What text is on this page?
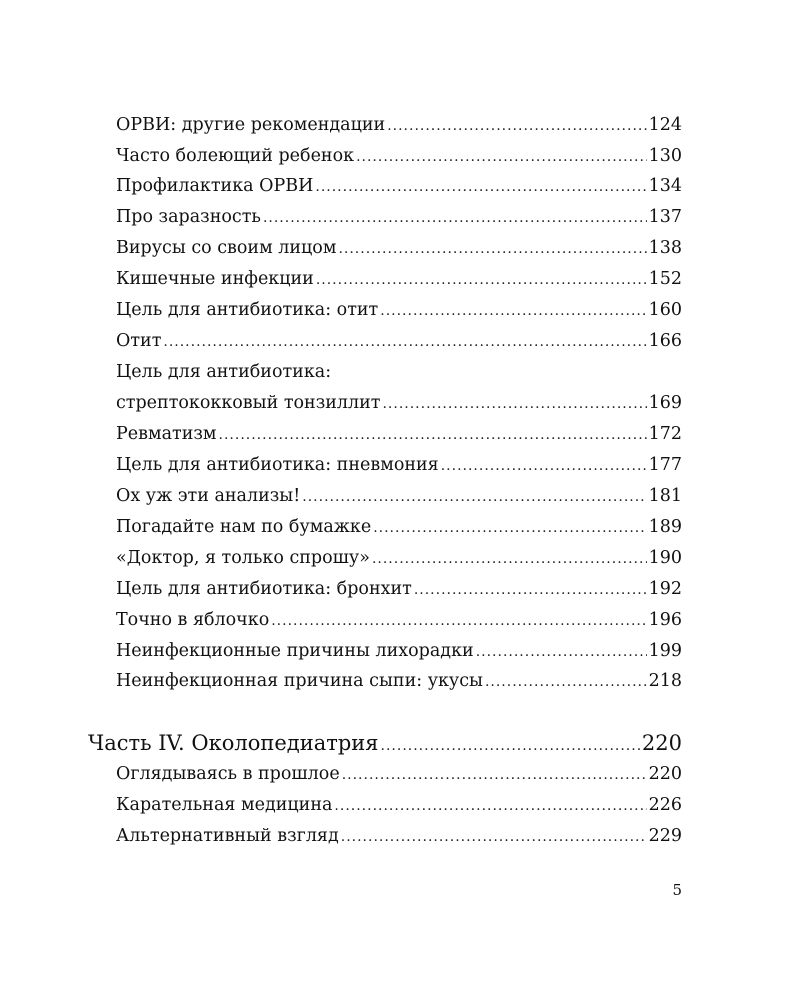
ОРВИ: другие рекомендации .....	124
Часто болеющий ребенок .....	130
Профилактика ОРВИ .....	134
Про заразность .....	137
Вирусы со своим лицом .....	138
Кишечные инфекции .....	152
Цель для антибиотика: отит .....	160
Отит .....	166
Цель для антибиотика:
стрептококковый тонзиллит .....	169
Ревматизм .....	172
Цель для антибиотика: пневмония .....	177
Ох уж эти анализы! .....	181
Погадайте нам по бумажке .....	189
«Доктор, я только спрошу» .....	190
Цель для антибиотика: бронхит .....	192
Точно в яблочко .....	196
Неинфекционные причины лихорадки .....	199
Неинфекционная причина сыпи: укусы .....	218
Часть IV. Околопедиатрия .....	220
Оглядываясь в прошлое .....	220
Карательная медицина .....	226
Альтернативный взгляд .....	229
5
